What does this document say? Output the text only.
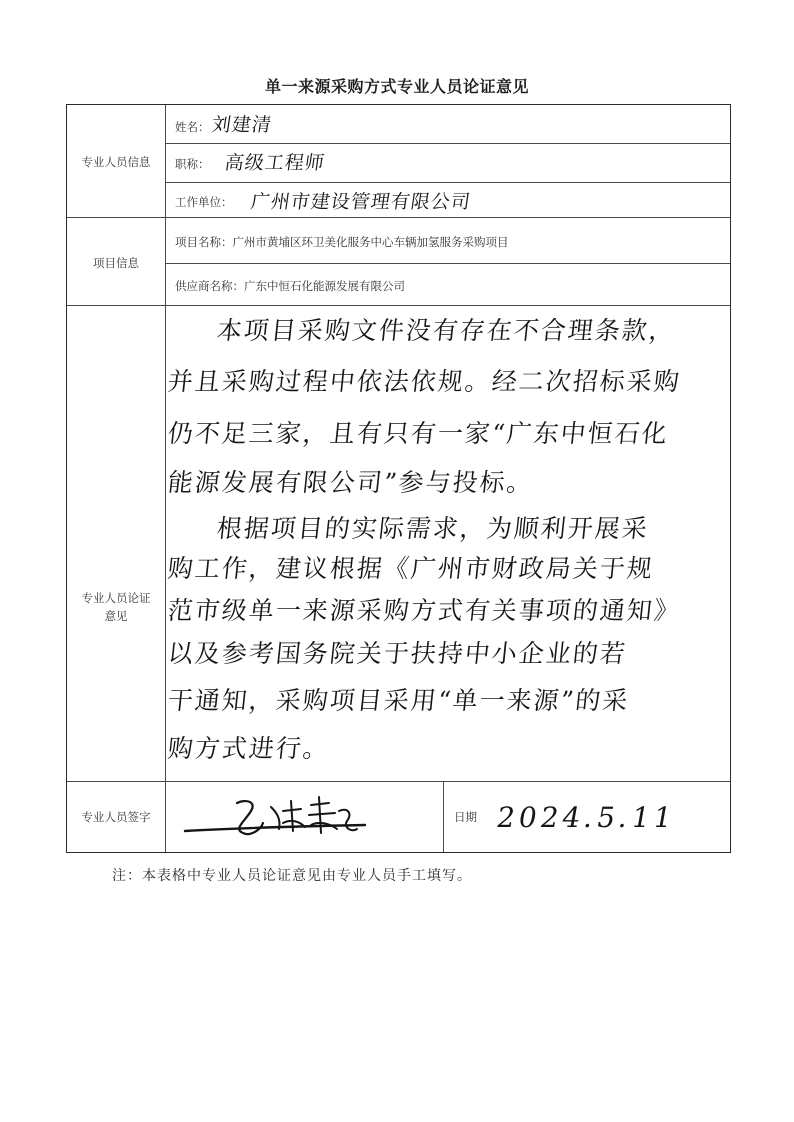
单一来源采购方式专业人员论证意见
专业人员信息
姓名： 刘建清
职称： 高级工程师
工作单位： 广州市建设管理有限公司
项目信息
项目名称：广州市黄埔区环卫美化服务中心车辆加氢服务采购项目
供应商名称：广东中恒石化能源发展有限公司
专业人员论证
意见
本项目采购文件没有存在不合理条款，
并且采购过程中依法依规。经二次招标采购
仍不足三家，且有只有一家“广东中恒石化
能源发展有限公司”参与投标。
根据项目的实际需求，为顺利开展采
购工作，建议根据《广州市财政局关于规
范市级单一来源采购方式有关事项的通知》
以及参考国务院关于扶持中小企业的若
干通知，采购项目采用“单一来源”的采
购方式进行。
专业人员签字	日期 2024.5.11
注：本表格中专业人员论证意见由专业人员手工填写。
